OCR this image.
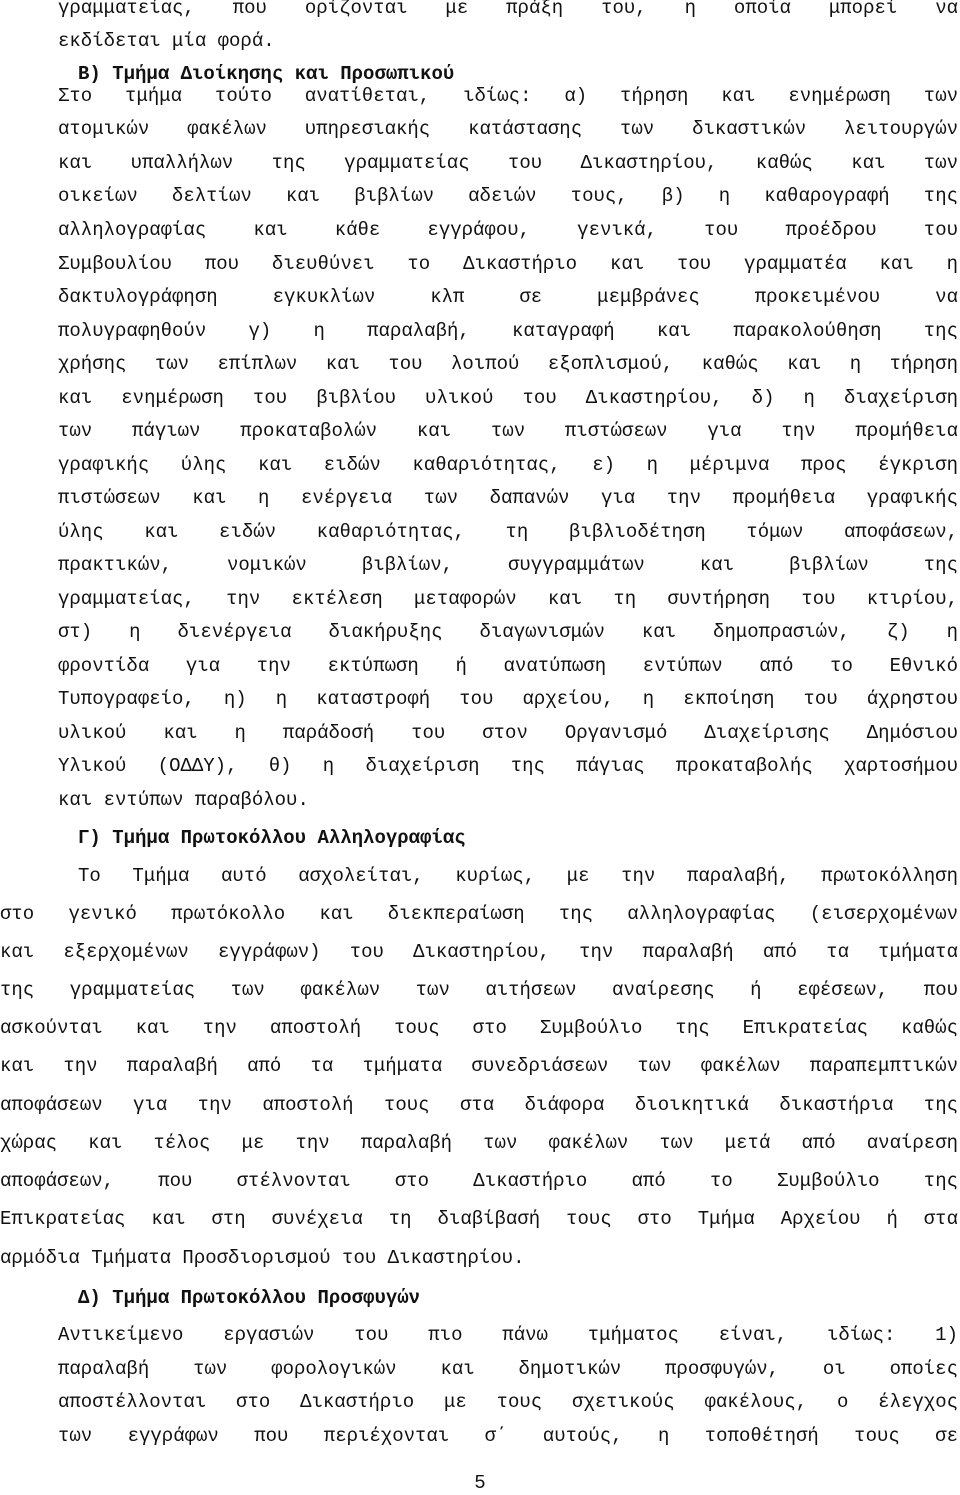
γραμματείας, που ορίζονται με πράξη του, η οποία μπορεί να
εκδίδεται μία φορά.
Β) Τμήμα Διοίκησης και Προσωπικού
Στο τμήμα τούτο ανατίθεται, ιδίως: α) τήρηση και ενημέρωση των
ατομικών φακέλων υπηρεσιακής κατάστασης των δικαστικών λειτουργών
και υπαλλήλων της γραμματείας του Δικαστηρίου, καθώς και των
οικείων δελτίων και βιβλίων αδειών τους, β) η καθαρογραφή της
αλληλογραφίας και κάθε εγγράφου, γενικά, του προέδρου του
Συμβουλίου που διευθύνει το Δικαστήριο και του γραμματέα και η
δακτυλογράφηση εγκυκλίων κλπ σε μεμβράνες προκειμένου να
πολυγραφηθούν γ) η παραλαβή, καταγραφή και παρακολούθηση της
χρήσης των επίπλων και του λοιπού εξοπλισμού, καθώς και η τήρηση
και ενημέρωση του βιβλίου υλικού του Δικαστηρίου, δ) η διαχείριση
των πάγιων προκαταβολών και των πιστώσεων για την προμήθεια
γραφικής ύλης και ειδών καθαριότητας, ε) η μέριμνα προς έγκριση
πιστώσεων και η ενέργεια των δαπανών για την προμήθεια γραφικής
ύλης και ειδών καθαριότητας, τη βιβλιοδέτηση τόμων αποφάσεων,
πρακτικών, νομικών βιβλίων, συγγραμμάτων και βιβλίων της
γραμματείας, την εκτέλεση μεταφορών και τη συντήρηση του κτιρίου,
στ) η διενέργεια διακήρυξης διαγωνισμών και δημοπρασιών, ζ) η
φροντίδα για την εκτύπωση ή ανατύπωση εντύπων από το Εθνικό
Τυπογραφείο, η) η καταστροφή του αρχείου, η εκποίηση του άχρηστου
υλικού και η παράδοσή του στον Οργανισμό Διαχείρισης Δημόσιου
Υλικού (ΟΔΔΥ), θ) η διαχείριση της πάγιας προκαταβολής χαρτοσήμου
και εντύπων παραβόλου.
Γ) Τμήμα Πρωτοκόλλου Αλληλογραφίας
Το Τμήμα αυτό ασχολείται, κυρίως, με την παραλαβή, πρωτοκόλληση
στο γενικό πρωτόκολλο και διεκπεραίωση της αλληλογραφίας (εισερχομένων
και εξερχομένων εγγράφων) του Δικαστηρίου, την παραλαβή από τα τμήματα
της γραμματείας των φακέλων των αιτήσεων αναίρεσης ή εφέσεων, που
ασκούνται και την αποστολή τους στο Συμβούλιο της Επικρατείας καθώς
και την παραλαβή από τα τμήματα συνεδριάσεων των φακέλων παραπεμπτικών
αποφάσεων για την αποστολή τους στα διάφορα διοικητικά δικαστήρια της
χώρας και τέλος με την παραλαβή των φακέλων των μετά από αναίρεση
αποφάσεων, που στέλνονται στο Δικαστήριο από το Συμβούλιο της
Επικρατείας και στη συνέχεια τη διαβίβασή τους στο Τμήμα Αρχείου ή στα
αρμόδια Τμήματα Προσδιορισμού του Δικαστηρίου.
Δ) Τμήμα Πρωτοκόλλου Προσφυγών
Αντικείμενο εργασιών του πιο πάνω τμήματος είναι, ιδίως: 1)
παραλαβή των φορολογικών και δημοτικών προσφυγών, οι οποίες
αποστέλλονται στο Δικαστήριο με τους σχετικούς φακέλους, ο έλεγχος
των εγγράφων που περιέχονται σ΄ αυτούς, η τοποθέτησή τους σε
5
